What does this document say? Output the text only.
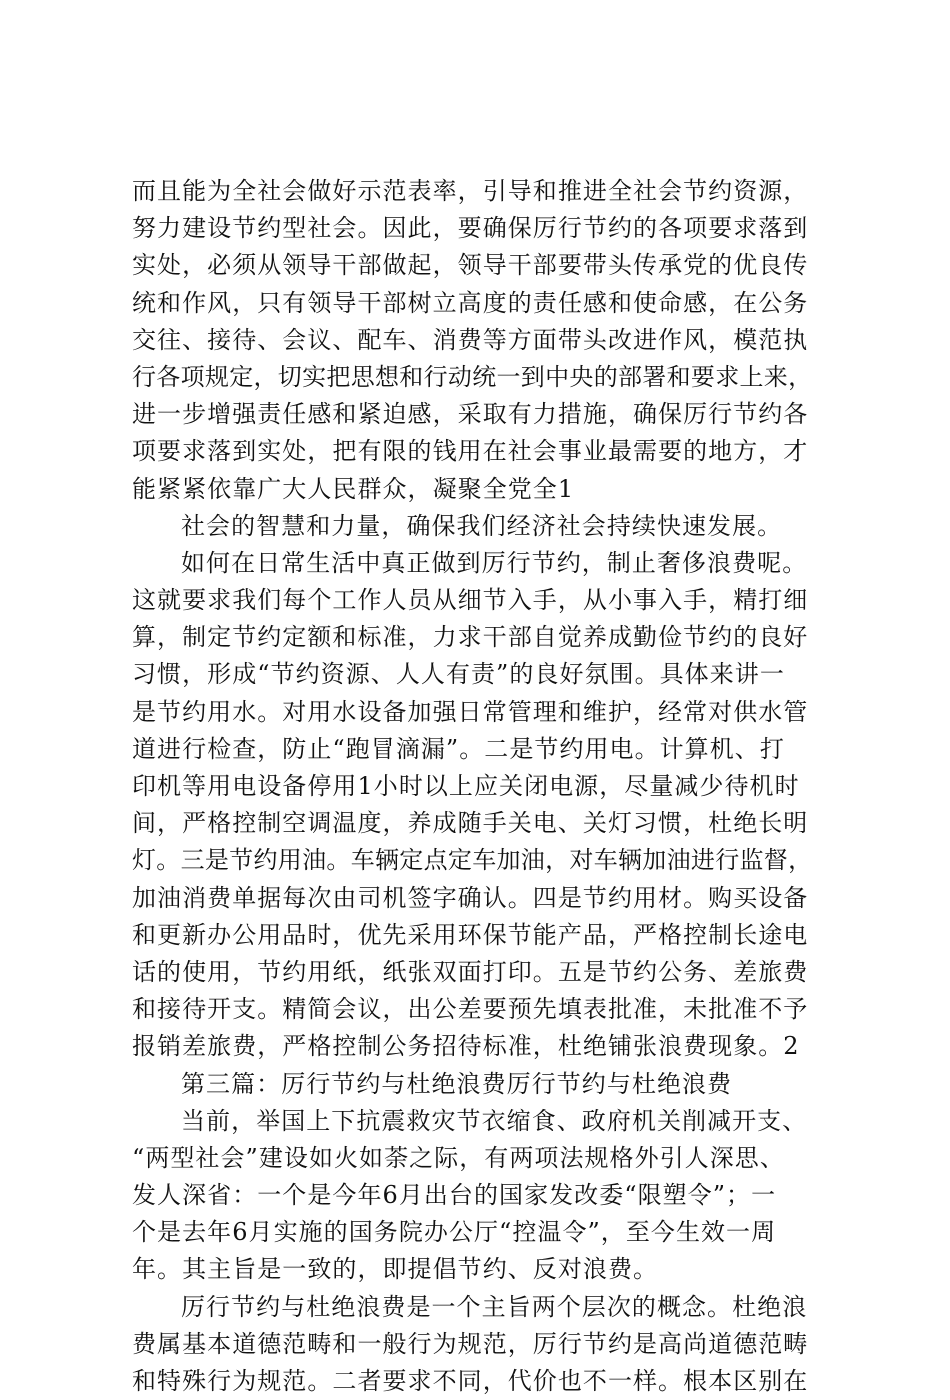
而且能为全社会做好示范表率，引导和推进全社会节约资源，
努力建设节约型社会。因此，要确保厉行节约的各项要求落到
实处，必须从领导干部做起，领导干部要带头传承党的优良传
统和作风，只有领导干部树立高度的责任感和使命感，在公务
交往、接待、会议、配车、消费等方面带头改进作风，模范执
行各项规定，切实把思想和行动统一到中央的部署和要求上来，
进一步增强责任感和紧迫感，采取有力措施，确保厉行节约各
项要求落到实处，把有限的钱用在社会事业最需要的地方，才
能紧紧依靠广大人民群众，凝聚全党全1
社会的智慧和力量，确保我们经济社会持续快速发展。
如何在日常生活中真正做到厉行节约，制止奢侈浪费呢。
这就要求我们每个工作人员从细节入手，从小事入手，精打细
算，制定节约定额和标准，力求干部自觉养成勤俭节约的良好
习惯，形成“节约资源、人人有责”的良好氛围。具体来讲一
是节约用水。对用水设备加强日常管理和维护，经常对供水管
道进行检查，防止“跑冒滴漏”。二是节约用电。计算机、打
印机等用电设备停用1小时以上应关闭电源，尽量减少待机时
间，严格控制空调温度，养成随手关电、关灯习惯，杜绝长明
灯。三是节约用油。车辆定点定车加油，对车辆加油进行监督，
加油消费单据每次由司机签字确认。四是节约用材。购买设备
和更新办公用品时，优先采用环保节能产品，严格控制长途电
话的使用，节约用纸，纸张双面打印。五是节约公务、差旅费
和接待开支。精简会议，出公差要预先填表批准，未批准不予
报销差旅费，严格控制公务招待标准，杜绝铺张浪费现象。2
第三篇：厉行节约与杜绝浪费厉行节约与杜绝浪费
当前，举国上下抗震救灾节衣缩食、政府机关削减开支、
“两型社会”建设如火如荼之际，有两项法规格外引人深思、
发人深省：一个是今年6月出台的国家发改委“限塑令”；一
个是去年6月实施的国务院办公厅“控温令”，至今生效一周
年。其主旨是一致的，即提倡节约、反对浪费。
厉行节约与杜绝浪费是一个主旨两个层次的概念。杜绝浪
费属基本道德范畴和一般行为规范，厉行节约是高尚道德范畴
和特殊行为规范。二者要求不同，代价也不一样。根本区别在
